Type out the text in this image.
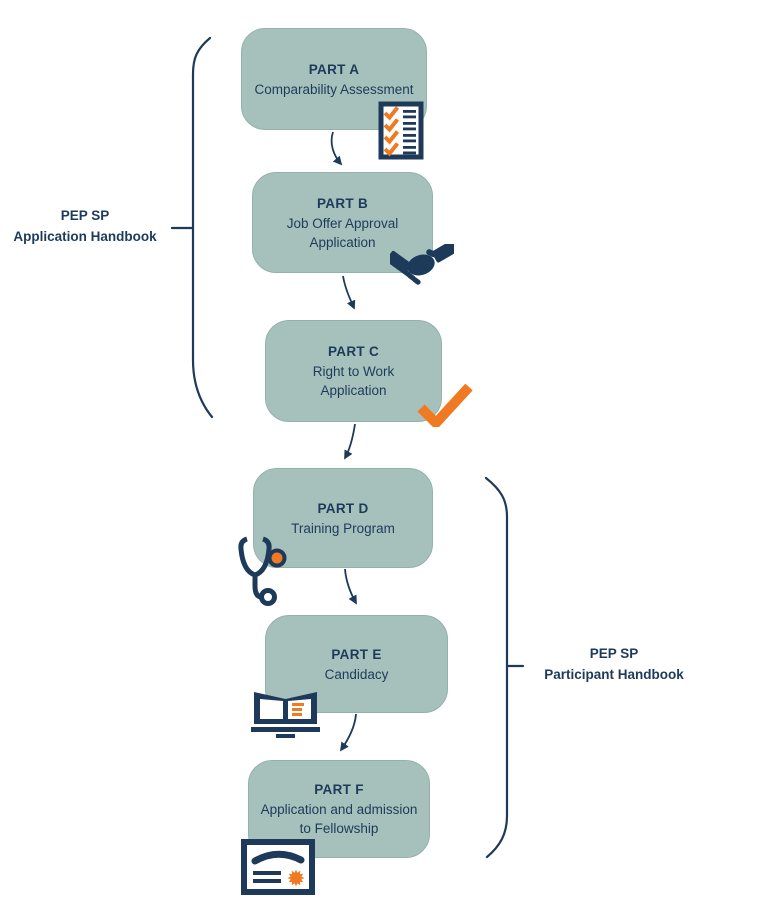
PART A
Comparability Assessment
PART B
Job Offer Approval
Application
PART C
Right to Work
Application
PART D
Training Program
PART E
Candidacy
PART F
Application and admission
to Fellowship
PEP SP
Application Handbook
PEP SP
Participant Handbook
